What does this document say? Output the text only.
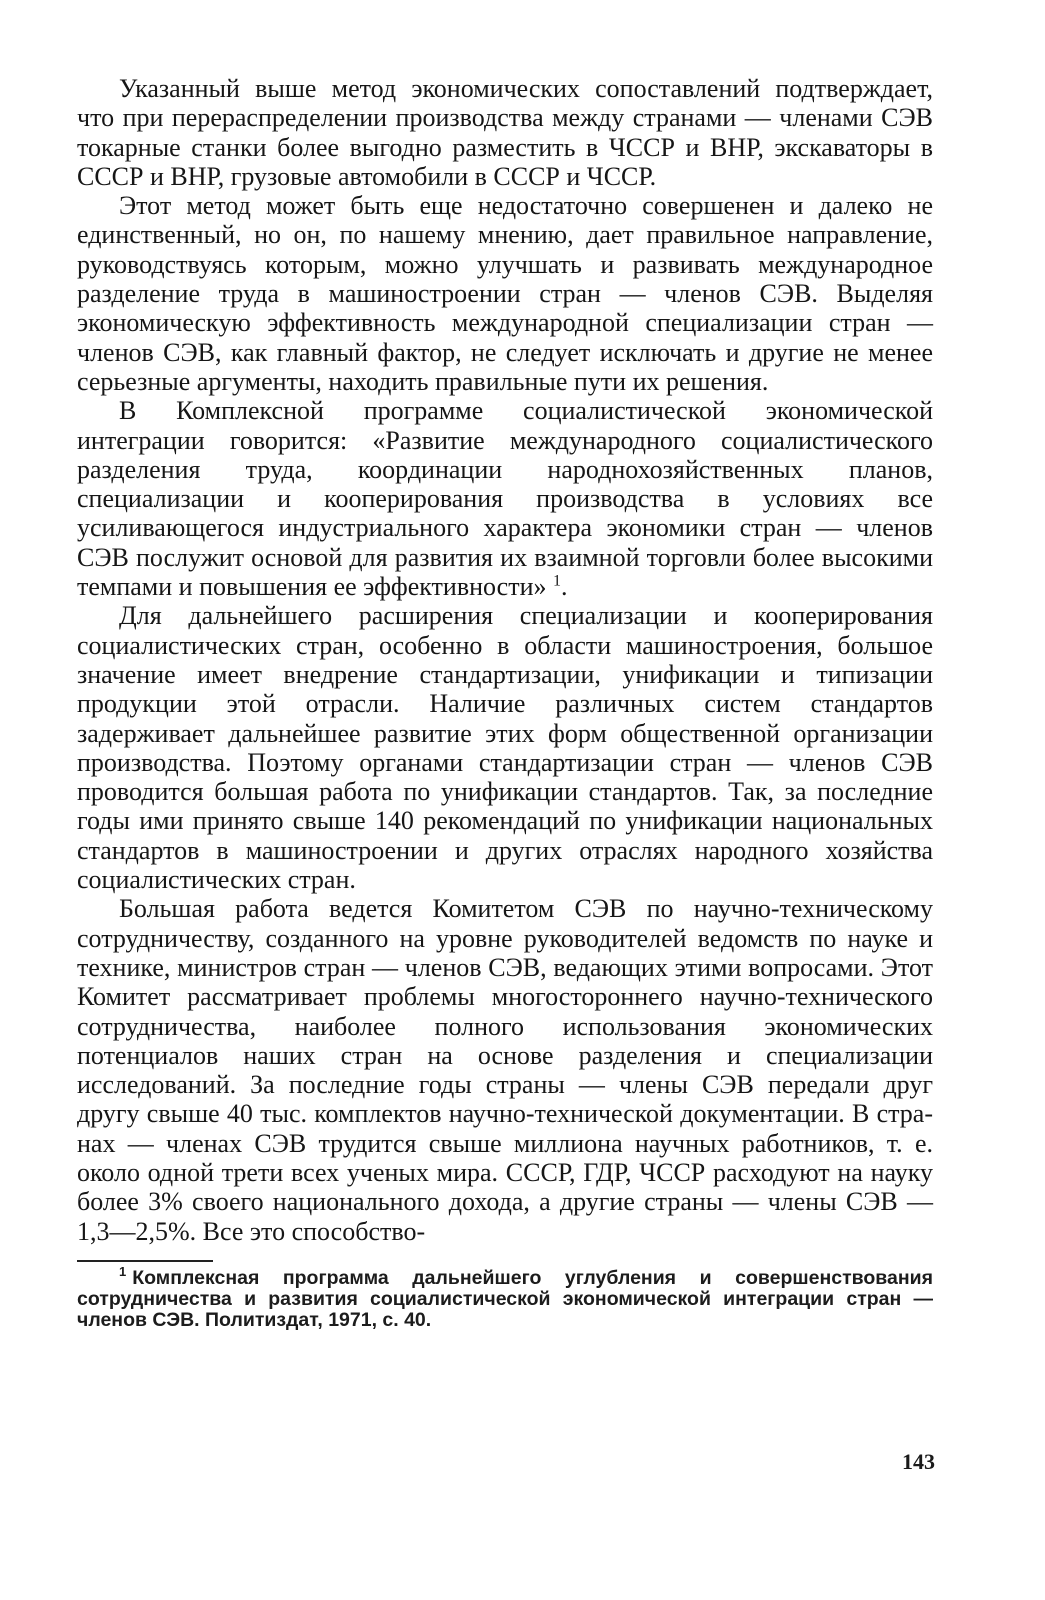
Указанный выше метод экономических сопоставлений подтверждает, что при перераспределении производства между странами — членами СЭВ токарные станки более выгодно разместить в ЧССР и ВНР, экскаваторы в СССР и ВНР, грузовые автомобили в СССР и ЧССР.

Этот метод может быть еще недостаточно совершенен и далеко не единственный, но он, по нашему мнению, дает правильное направление, руководствуясь которым, можно улучшать и развивать международное разделение труда в машиностроении стран — членов СЭВ. Выделяя экономическую эффективность международной специализации стран — членов СЭВ, как главный фактор, не следует исключать и другие не менее серьезные аргументы, находить правильные пути их решения.

В Комплексной программе социалистической экономической интеграции говорится: «Развитие международного социалистического разделения труда, координации народнохозяйственных планов, специализации и кооперирования производства в условиях все усиливающегося индустриального характера экономики стран — членов СЭВ послужит основой для развития их взаимной торговли более высокими темпами и повышения ее эффективности» $^1$.

Для дальнейшего расширения специализации и кооперирования социалистических стран, особенно в области машиностроения, большое значение имеет внедрение стандартизации, унификации и типизации продукции этой отрасли. Наличие различных систем стандартов задерживает дальнейшее развитие этих форм общественной организации производства. Поэтому органами стандартизации стран — членов СЭВ проводится большая работа по унификации стандартов. Так, за последние годы ими принято свыше 140 рекомендаций по унификации национальных стандартов в машиностроении и других отраслях народного хозяйства социалистических стран.

Большая работа ведется Комитетом СЭВ по научно-техническому сотрудничеству, созданного на уровне руководителей ведомств по науке и технике, министров стран — членов СЭВ, ведающих этими вопросами. Этот Комитет рассматривает проблемы многостороннего научно-технического сотрудничества, наиболее полного использования экономических потенциалов наших стран на основе разделения и специализации исследований. За последние годы страны — члены СЭВ передали друг другу свыше 40 тыс. комплектов научно-технической документации. В странах — членах СЭВ трудится свыше миллиона научных работников, т. е. около одной трети всех ученых мира. СССР, ГДР, ЧССР расходуют на науку более 3% своего национального дохода, а другие страны — члены СЭВ — 1,3—2,5%. Все это способство-

$^1$ Комплексная программа дальнейшего углубления и совершенствования сотрудничества и развития социалистической экономической интеграции стран — членов СЭВ. Политиздат, 1971, с. 40.

143
